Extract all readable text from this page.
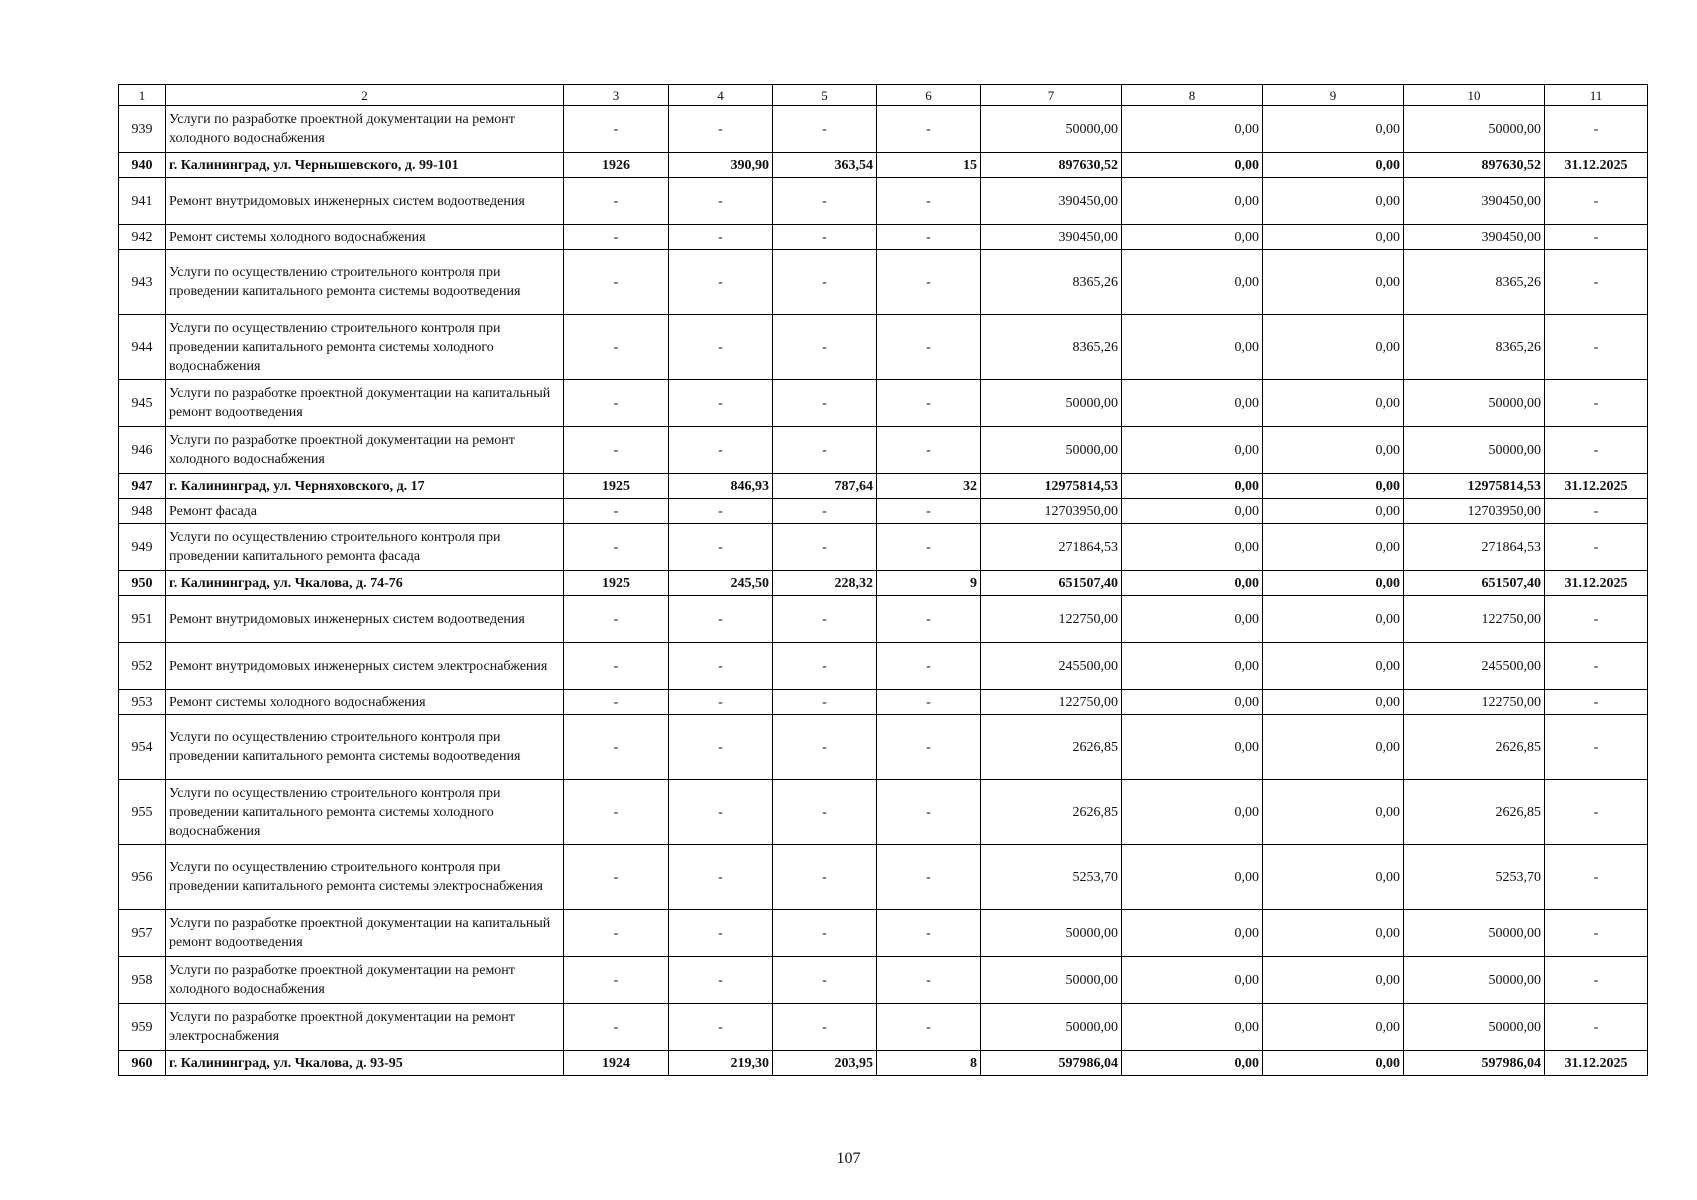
1	2	3	4	5	6	7	8	9	10	11
939	Услуги по разработке проектной документации на ремонт холодного водоснабжения	-	-	-	-	50000,00	0,00	0,00	50000,00	-
940	г. Калининград, ул. Чернышевского, д. 99-101	1926	390,90	363,54	15	897630,52	0,00	0,00	897630,52	31.12.2025
941	Ремонт внутридомовых инженерных систем водоотведения	-	-	-	-	390450,00	0,00	0,00	390450,00	-
942	Ремонт системы холодного водоснабжения	-	-	-	-	390450,00	0,00	0,00	390450,00	-
943	Услуги по осуществлению строительного контроля при проведении капитального ремонта системы водоотведения	-	-	-	-	8365,26	0,00	0,00	8365,26	-
944	Услуги по осуществлению строительного контроля при проведении капитального ремонта системы холодного водоснабжения	-	-	-	-	8365,26	0,00	0,00	8365,26	-
945	Услуги по разработке проектной документации на капитальный ремонт водоотведения	-	-	-	-	50000,00	0,00	0,00	50000,00	-
946	Услуги по разработке проектной документации на ремонт холодного водоснабжения	-	-	-	-	50000,00	0,00	0,00	50000,00	-
947	г. Калининград, ул. Черняховского, д. 17	1925	846,93	787,64	32	12975814,53	0,00	0,00	12975814,53	31.12.2025
948	Ремонт фасада	-	-	-	-	12703950,00	0,00	0,00	12703950,00	-
949	Услуги по осуществлению строительного контроля при проведении капитального ремонта фасада	-	-	-	-	271864,53	0,00	0,00	271864,53	-
950	г. Калининград, ул. Чкалова, д. 74-76	1925	245,50	228,32	9	651507,40	0,00	0,00	651507,40	31.12.2025
951	Ремонт внутридомовых инженерных систем водоотведения	-	-	-	-	122750,00	0,00	0,00	122750,00	-
952	Ремонт внутридомовых инженерных систем электроснабжения	-	-	-	-	245500,00	0,00	0,00	245500,00	-
953	Ремонт системы холодного водоснабжения	-	-	-	-	122750,00	0,00	0,00	122750,00	-
954	Услуги по осуществлению строительного контроля при проведении капитального ремонта системы водоотведения	-	-	-	-	2626,85	0,00	0,00	2626,85	-
955	Услуги по осуществлению строительного контроля при проведении капитального ремонта системы холодного водоснабжения	-	-	-	-	2626,85	0,00	0,00	2626,85	-
956	Услуги по осуществлению строительного контроля при проведении капитального ремонта системы электроснабжения	-	-	-	-	5253,70	0,00	0,00	5253,70	-
957	Услуги по разработке проектной документации на капитальный ремонт водоотведения	-	-	-	-	50000,00	0,00	0,00	50000,00	-
958	Услуги по разработке проектной документации на ремонт холодного водоснабжения	-	-	-	-	50000,00	0,00	0,00	50000,00	-
959	Услуги по разработке проектной документации на ремонт электроснабжения	-	-	-	-	50000,00	0,00	0,00	50000,00	-
960	г. Калининград, ул. Чкалова, д. 93-95	1924	219,30	203,95	8	597986,04	0,00	0,00	597986,04	31.12.2025
107
